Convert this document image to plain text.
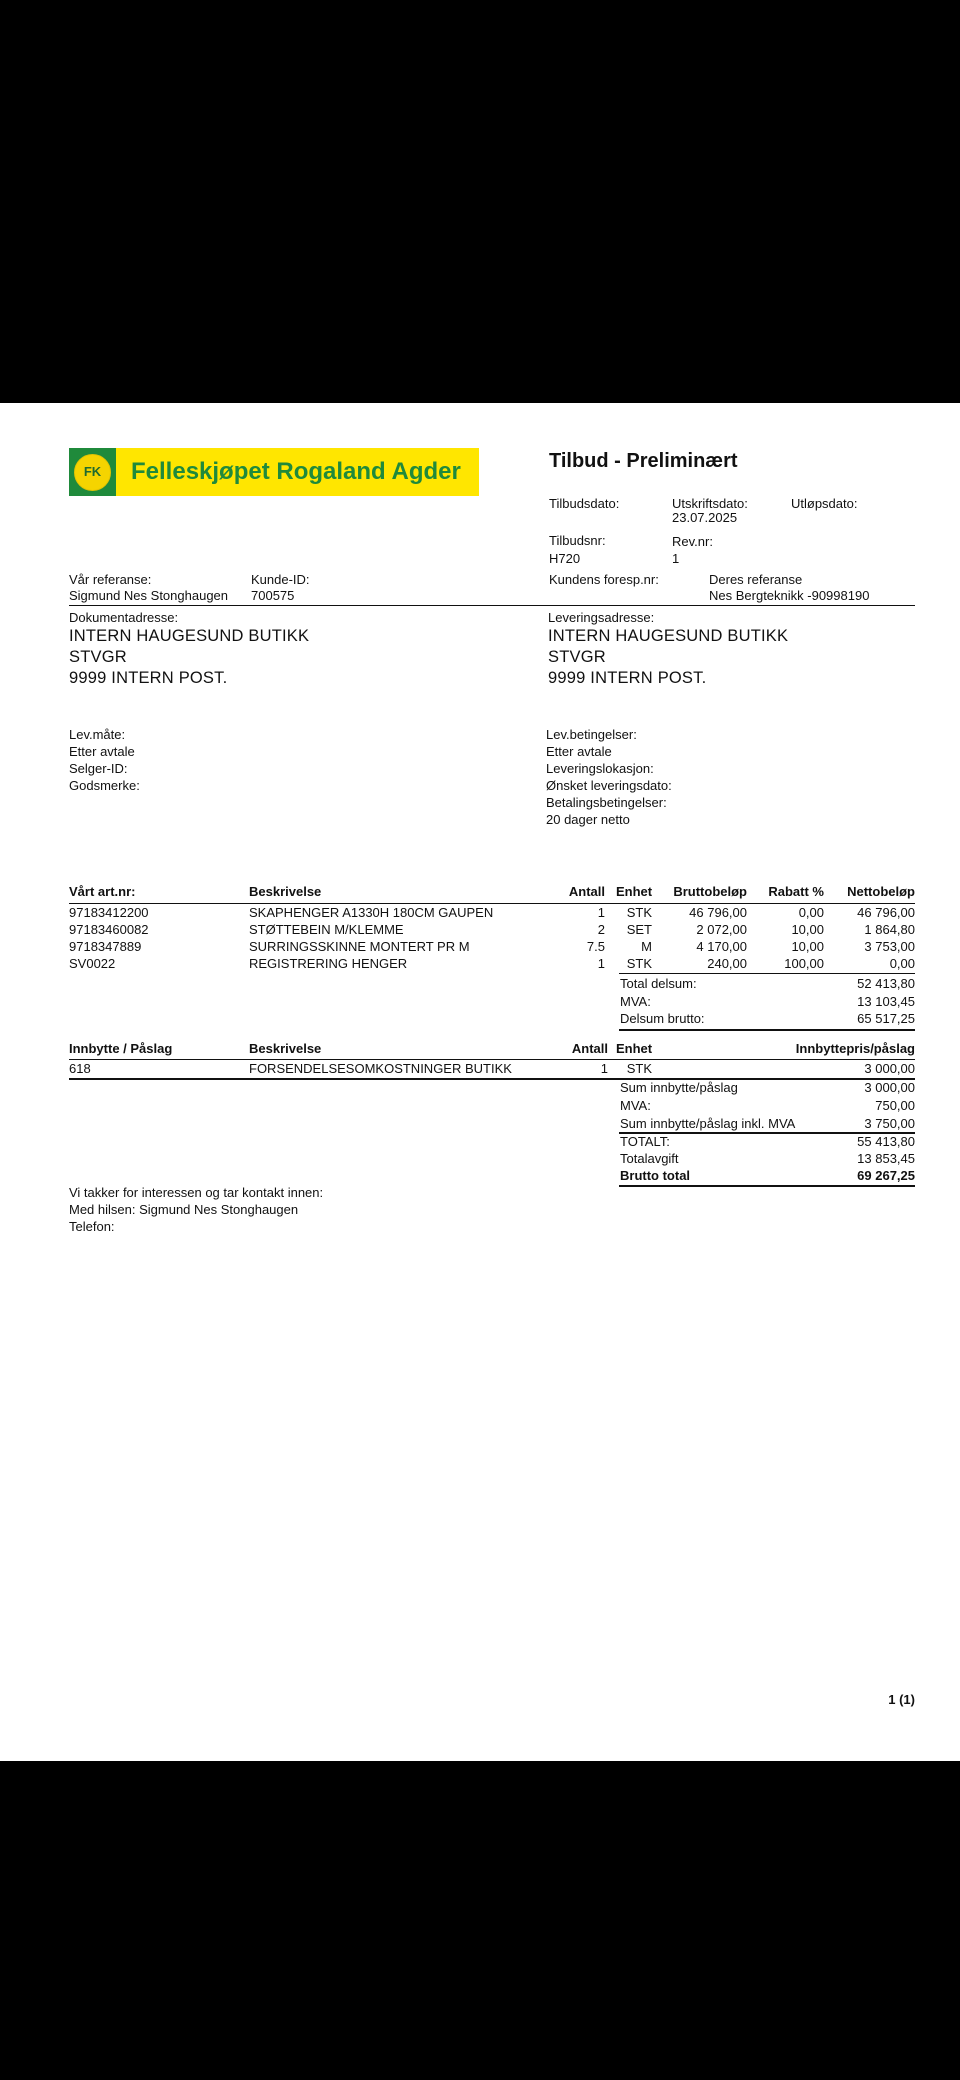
FK	Felleskjøpet Rogaland Agder	Tilbud - Preliminært
Tilbudsdato:	Utskriftsdato:
23.07.2025
Utløpsdato:
Tilbudsnr:
H720
Rev.nr:
1
Vår referanse:
Sigmund Nes Stonghaugen
Kunde-ID:
700575
Kundens foresp.nr:	Deres referanse
Nes Bergteknikk -90998190
Dokumentadresse:
INTERN HAUGESUND BUTIKK
STVGR
9999 INTERN POST.
Leveringsadresse:
INTERN HAUGESUND BUTIKK
STVGR
9999 INTERN POST.
Lev.måte:
Etter avtale
Selger-ID:
Godsmerke:
Lev.betingelser:
Etter avtale
Leveringslokasjon:
Ønsket leveringsdato:
Betalingsbetingelser:
20 dager netto
Vårt art.nr:	Beskrivelse	Antall Enhet	Bruttobeløp	Rabatt %	Nettobeløp
97183412200	SKAPHENGER A1330H 180CM GAUPEN	1	STK	46 796,00	0,00	46 796,00
97183460082	STØTTEBEIN M/KLEMME	2	SET	2 072,00	10,00	1 864,80
9718347889	SURRINGSSKINNE MONTERT PR M	7.5	M	4 170,00	10,00	3 753,00
SV0022	REGISTRERING HENGER	1	STK	240,00	100,00	0,00
Total delsum:	52 413,80
MVA:	13 103,45
Delsum brutto:	65 517,25
Innbytte / Påslag	Beskrivelse	Antall Enhet	Innbyttepris/påslag
618	FORSENDELSESOMKOSTNINGER BUTIKK	1	STK	3 000,00
Sum innbytte/påslag	3 000,00
MVA:	750,00
Sum innbytte/påslag inkl. MVA	3 750,00
TOTALT:	55 413,80
Totalavgift	13 853,45
Brutto total	69 267,25
Vi takker for interessen og tar kontakt innen:
Med hilsen: Sigmund Nes Stonghaugen
Telefon:
1 (1)
